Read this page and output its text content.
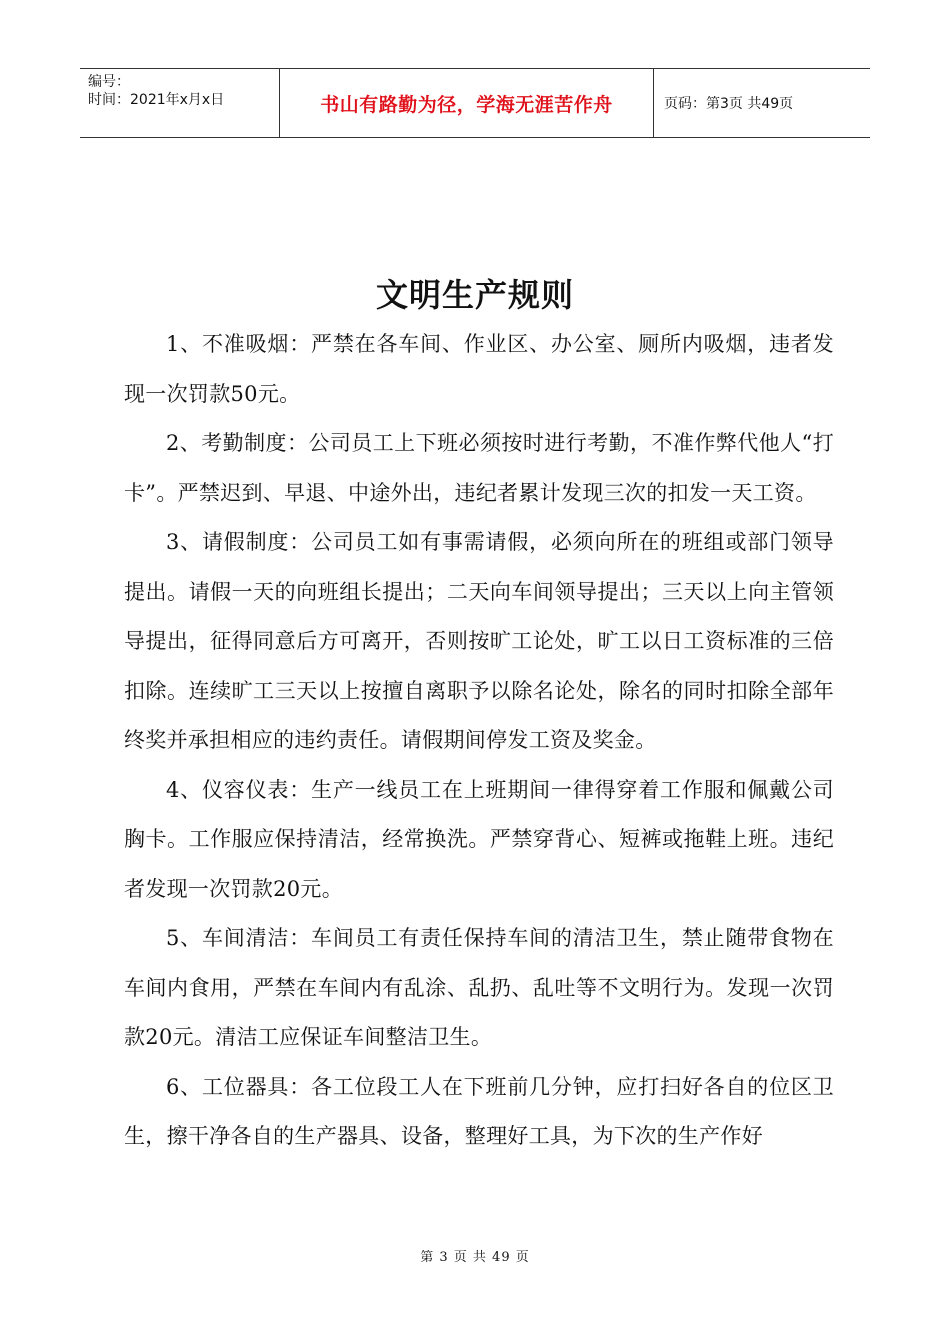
编号：
时间：2021年x月x日	书山有路勤为径，学海无涯苦作舟	页码：第3页 共49页
文明生产规则

1、不准吸烟：严禁在各车间、作业区、办公室、厕所内吸烟，违者发现一次罚款50元。

2、考勤制度：公司员工上下班必须按时进行考勤，不准作弊代他人“打卡”。严禁迟到、早退、中途外出，违纪者累计发现三次的扣发一天工资。

3、请假制度：公司员工如有事需请假，必须向所在的班组或部门领导提出。请假一天的向班组长提出；二天向车间领导提出；三天以上向主管领导提出，征得同意后方可离开，否则按旷工论处，旷工以日工资标准的三倍扣除。连续旷工三天以上按擅自离职予以除名论处，除名的同时扣除全部年终奖并承担相应的违约责任。请假期间停发工资及奖金。

4、仪容仪表：生产一线员工在上班期间一律得穿着工作服和佩戴公司胸卡。工作服应保持清洁，经常换洗。严禁穿背心、短裤或拖鞋上班。违纪者发现一次罚款20元。

5、车间清洁：车间员工有责任保持车间的清洁卫生，禁止随带食物在车间内食用，严禁在车间内有乱涂、乱扔、乱吐等不文明行为。发现一次罚款20元。清洁工应保证车间整洁卫生。

6、工位器具：各工位段工人在下班前几分钟，应打扫好各自的位区卫生，擦干净各自的生产器具、设备，整理好工具，为下次的生产作好

第 3 页 共 49 页
